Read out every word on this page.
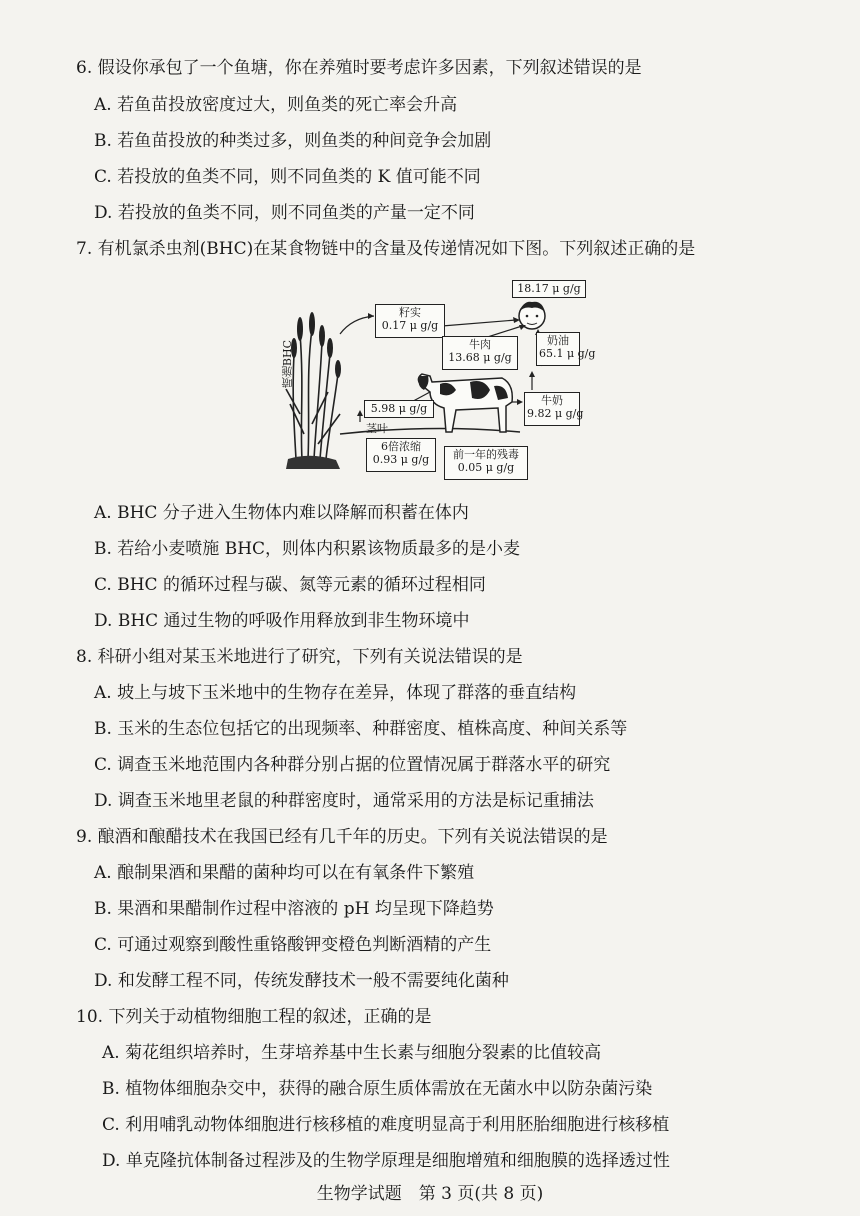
6. 假设你承包了一个鱼塘，你在养殖时要考虑许多因素，下列叙述错误的是
A. 若鱼苗投放密度过大，则鱼类的死亡率会升高
B. 若鱼苗投放的种类过多，则鱼类的种间竞争会加剧
C. 若投放的鱼类不同，则不同鱼类的 K 值可能不同
D. 若投放的鱼类不同，则不同鱼类的产量一定不同
7. 有机氯杀虫剂(BHC)在某食物链中的含量及传递情况如下图。下列叙述正确的是
籽实
0.17 μ g/g
18.17 μ g/g
牛肉
13.68 μ g/g
奶油
65.1 μ g/g
5.98 μ g/g
茎叶
牛奶
9.82 μ g/g
6倍浓缩
0.93 μ g/g	前一年的残毒
0.05 μ g/g
喷施BHC
A. BHC 分子进入生物体内难以降解而积蓄在体内
B. 若给小麦喷施 BHC，则体内积累该物质最多的是小麦
C. BHC 的循环过程与碳、氮等元素的循环过程相同
D. BHC 通过生物的呼吸作用释放到非生物环境中
8. 科研小组对某玉米地进行了研究，下列有关说法错误的是
A. 坡上与坡下玉米地中的生物存在差异，体现了群落的垂直结构
B. 玉米的生态位包括它的出现频率、种群密度、植株高度、种间关系等
C. 调查玉米地范围内各种群分别占据的位置情况属于群落水平的研究
D. 调查玉米地里老鼠的种群密度时，通常采用的方法是标记重捕法
9. 酿酒和酿醋技术在我国已经有几千年的历史。下列有关说法错误的是
A. 酿制果酒和果醋的菌种均可以在有氧条件下繁殖
B. 果酒和果醋制作过程中溶液的 pH 均呈现下降趋势
C. 可通过观察到酸性重铬酸钾变橙色判断酒精的产生
D. 和发酵工程不同，传统发酵技术一般不需要纯化菌种
10. 下列关于动植物细胞工程的叙述，正确的是
A. 菊花组织培养时，生芽培养基中生长素与细胞分裂素的比值较高
B. 植物体细胞杂交中，获得的融合原生质体需放在无菌水中以防杂菌污染
C. 利用哺乳动物体细胞进行核移植的难度明显高于利用胚胎细胞进行核移植
D. 单克隆抗体制备过程涉及的生物学原理是细胞增殖和细胞膜的选择透过性
生物学试题　第 3 页(共 8 页)
